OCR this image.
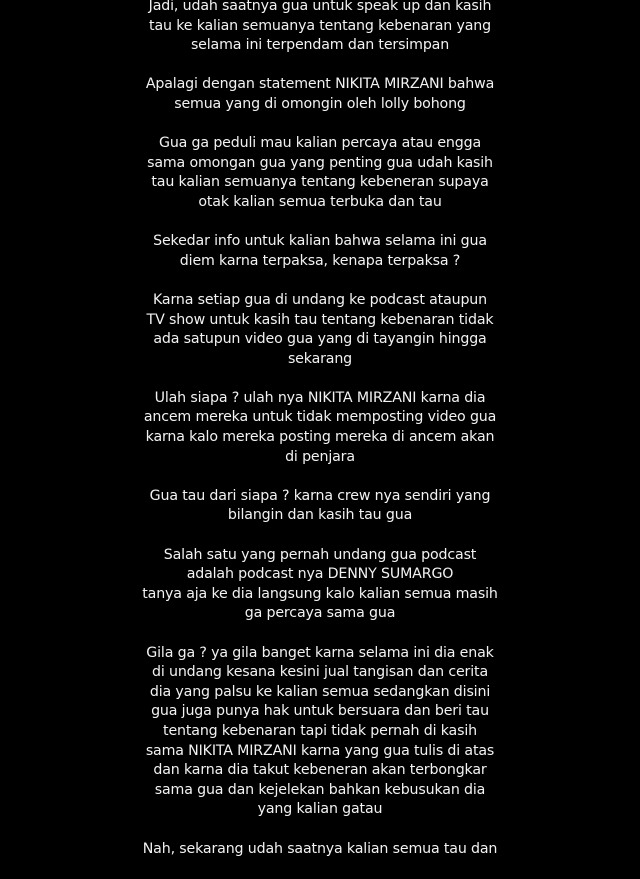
Jadi, udah saatnya gua untuk speak up dan kasih
tau ke kalian semuanya tentang kebenaran yang
selama ini terpendam dan tersimpan

Apalagi dengan statement NIKITA MIRZANI bahwa
semua yang di omongin oleh lolly bohong

Gua ga peduli mau kalian percaya atau engga
sama omongan gua yang penting gua udah kasih
tau kalian semuanya tentang kebeneran supaya
otak kalian semua terbuka dan tau

Sekedar info untuk kalian bahwa selama ini gua
diem karna terpaksa, kenapa terpaksa ?

Karna setiap gua di undang ke podcast ataupun
TV show untuk kasih tau tentang kebenaran tidak
ada satupun video gua yang di tayangin hingga
sekarang

Ulah siapa ? ulah nya NIKITA MIRZANI karna dia
ancem mereka untuk tidak memposting video gua
karna kalo mereka posting mereka di ancem akan
di penjara

Gua tau dari siapa ? karna crew nya sendiri yang
bilangin dan kasih tau gua

Salah satu yang pernah undang gua podcast
adalah podcast nya DENNY SUMARGO
tanya aja ke dia langsung kalo kalian semua masih
ga percaya sama gua

Gila ga ? ya gila banget karna selama ini dia enak
di undang kesana kesini jual tangisan dan cerita
dia yang palsu ke kalian semua sedangkan disini
gua juga punya hak untuk bersuara dan beri tau
tentang kebenaran tapi tidak pernah di kasih
sama NIKITA MIRZANI karna yang gua tulis di atas
dan karna dia takut kebeneran akan terbongkar
sama gua dan kejelekan bahkan kebusukan dia
yang kalian gatau

Nah, sekarang udah saatnya kalian semua tau dan
